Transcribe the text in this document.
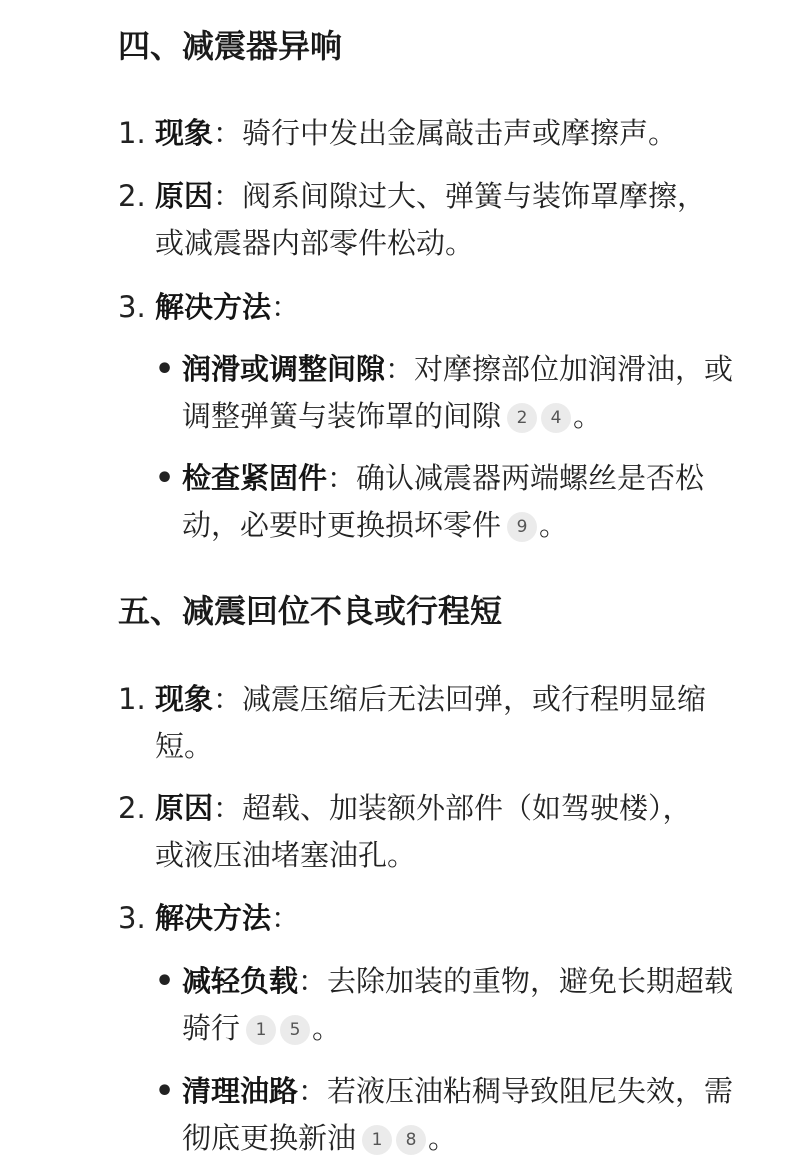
四、减震器异响
1. 现象：骑行中发出金属敲击声或摩擦声。
2. 原因：阀系间隙过大、弹簧与装饰罩摩擦，或减震器内部零件松动。
3. 解决方法：
• 润滑或调整间隙：对摩擦部位加润滑油，或调整弹簧与装饰罩的间隙 2 4 。
• 检查紧固件：确认减震器两端螺丝是否松动，必要时更换损坏零件 9 。
五、减震回位不良或行程短
1. 现象：减震压缩后无法回弹，或行程明显缩短。
2. 原因：超载、加装额外部件（如驾驶楼），或液压油堵塞油孔。
3. 解决方法：
• 减轻负载：去除加装的重物，避免长期超载骑行 1 5 。
• 清理油路：若液压油粘稠导致阻尼失效，需彻底更换新油 1 8 。
